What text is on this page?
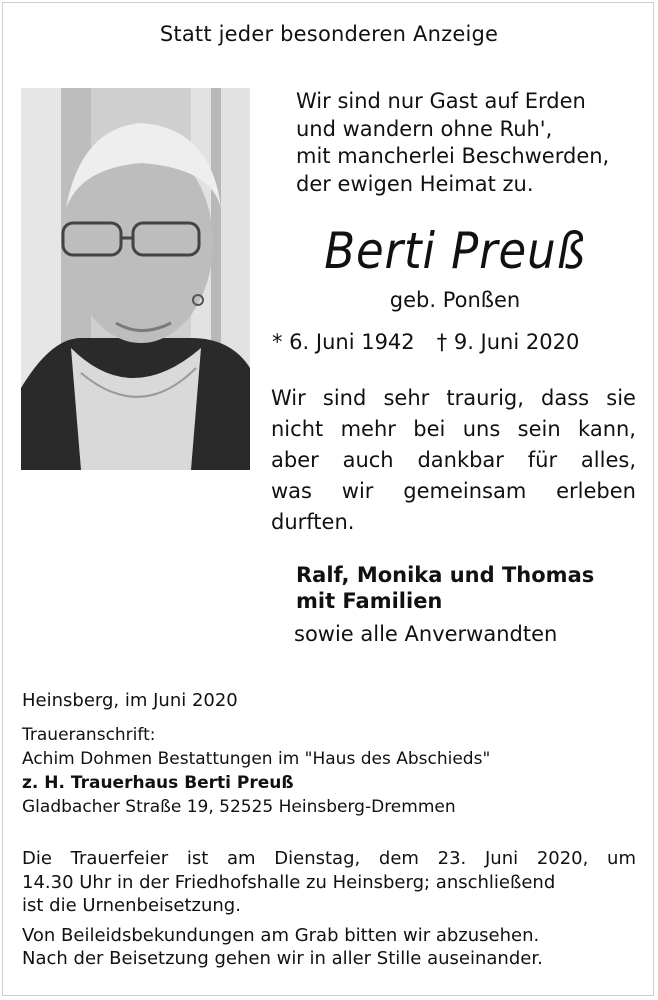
Statt jeder besonderen Anzeige
Wir sind nur Gast auf Erden
und wandern ohne Ruh',
mit mancherlei Beschwerden,
der ewigen Heimat zu.
Berti Preuß
geb. Ponßen
* 6. Juni 1942 † 9. Juni 2020
Wir sind sehr traurig, dass sie
nicht mehr bei uns sein kann,
aber auch dankbar für alles,
was wir gemeinsam erleben
durften.
Ralf, Monika und Thomas
mit Familien
sowie alle Anverwandten
Heinsberg, im Juni 2020
Traueranschrift:
Achim Dohmen Bestattungen im "Haus des Abschieds"
z. H. Trauerhaus Berti Preuß
Gladbacher Straße 19, 52525 Heinsberg-Dremmen
Die Trauerfeier ist am Dienstag, dem 23. Juni 2020, um
14.30 Uhr in der Friedhofshalle zu Heinsberg; anschließend
ist die Urnenbeisetzung.
Von Beileidsbekundungen am Grab bitten wir abzusehen.
Nach der Beisetzung gehen wir in aller Stille auseinander.
